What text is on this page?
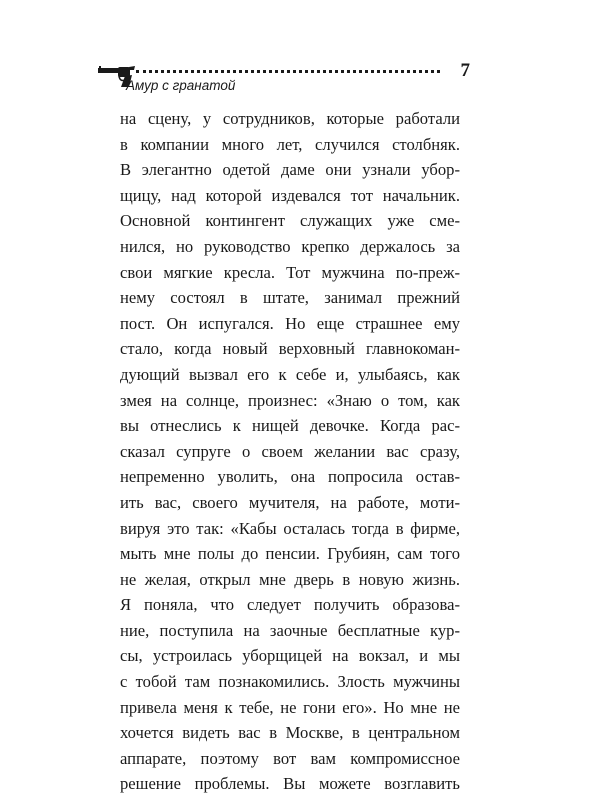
7
Амур с гранатой
на сцену, у сотрудников, которые работали
в компании много лет, случился столбняк.
В элегантно одетой даме они узнали убор-
щицу, над которой издевался тот начальник.
Основной контингент служащих уже сме-
нился, но руководство крепко держалось за
свои мягкие кресла. Тот мужчина по-преж-
нему состоял в штате, занимал прежний
пост. Он испугался. Но еще страшнее ему
стало, когда новый верховный главнокоман-
дующий вызвал его к себе и, улыбаясь, как
змея на солнце, произнес: «Знаю о том, как
вы отнеслись к нищей девочке. Когда рас-
сказал супруге о своем желании вас сразу,
непременно уволить, она попросила остав-
ить вас, своего мучителя, на работе, моти-
вируя это так: «Кабы осталась тогда в фирме,
мыть мне полы до пенсии. Грубиян, сам того
не желая, открыл мне дверь в новую жизнь.
Я поняла, что следует получить образова-
ние, поступила на заочные бесплатные кур-
сы, устроилась уборщицей на вокзал, и мы
с тобой там познакомились. Злость мужчины
привела меня к тебе, не гони его». Но мне не
хочется видеть вас в Москве, в центральном
аппарате, поэтому вот вам компромиссное
решение проблемы. Вы можете возглавить
